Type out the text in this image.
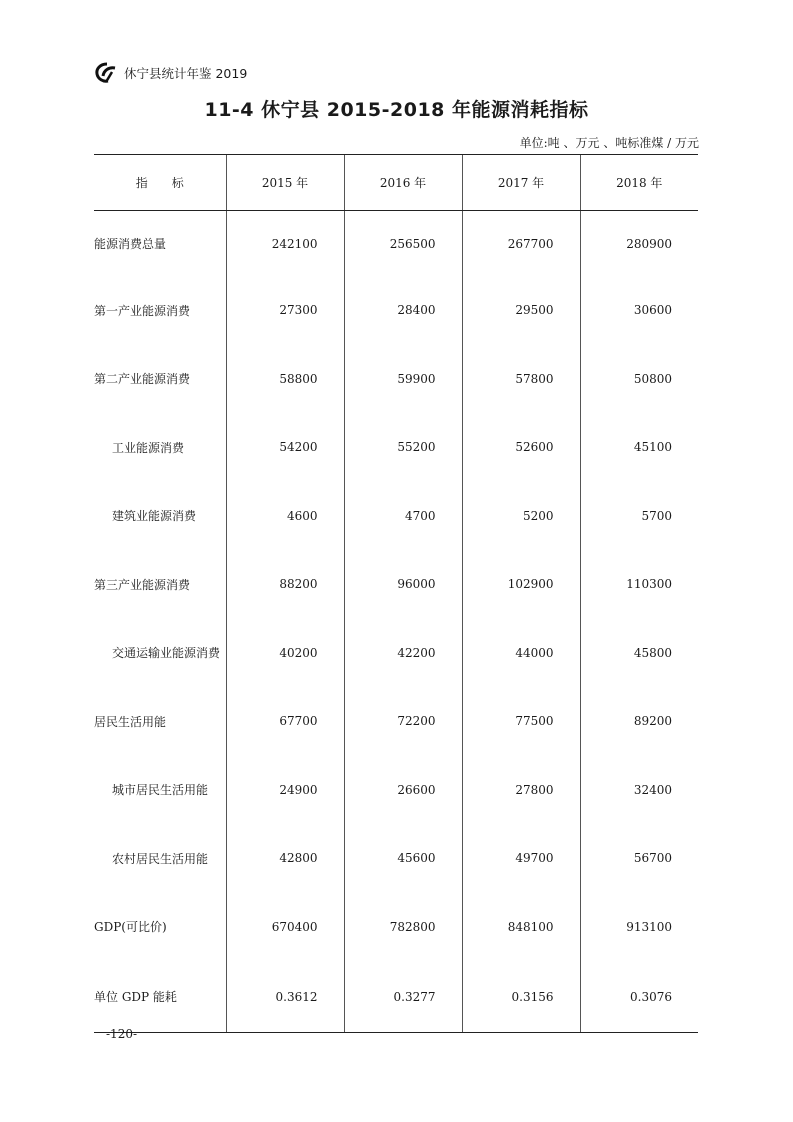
休宁县统计年鉴 2019
11-4 休宁县 2015-2018 年能源消耗指标
单位:吨 、万元 、吨标准煤 / 万元
指　　标	2015 年	2016 年	2017 年	2018 年
能源消费总量	242100	256500	267700	280900
第一产业能源消费	27300	28400	29500	30600
第二产业能源消费	58800	59900	57800	50800
工业能源消费	54200	55200	52600	45100
建筑业能源消费	4600	4700	5200	5700
第三产业能源消费	88200	96000	102900	110300
交通运输业能源消费	40200	42200	44000	45800
居民生活用能	67700	72200	77500	89200
城市居民生活用能	24900	26600	27800	32400
农村居民生活用能	42800	45600	49700	56700
GDP(可比价)	670400	782800	848100	913100
单位 GDP 能耗	0.3612	0.3277	0.3156	0.3076
-120-
